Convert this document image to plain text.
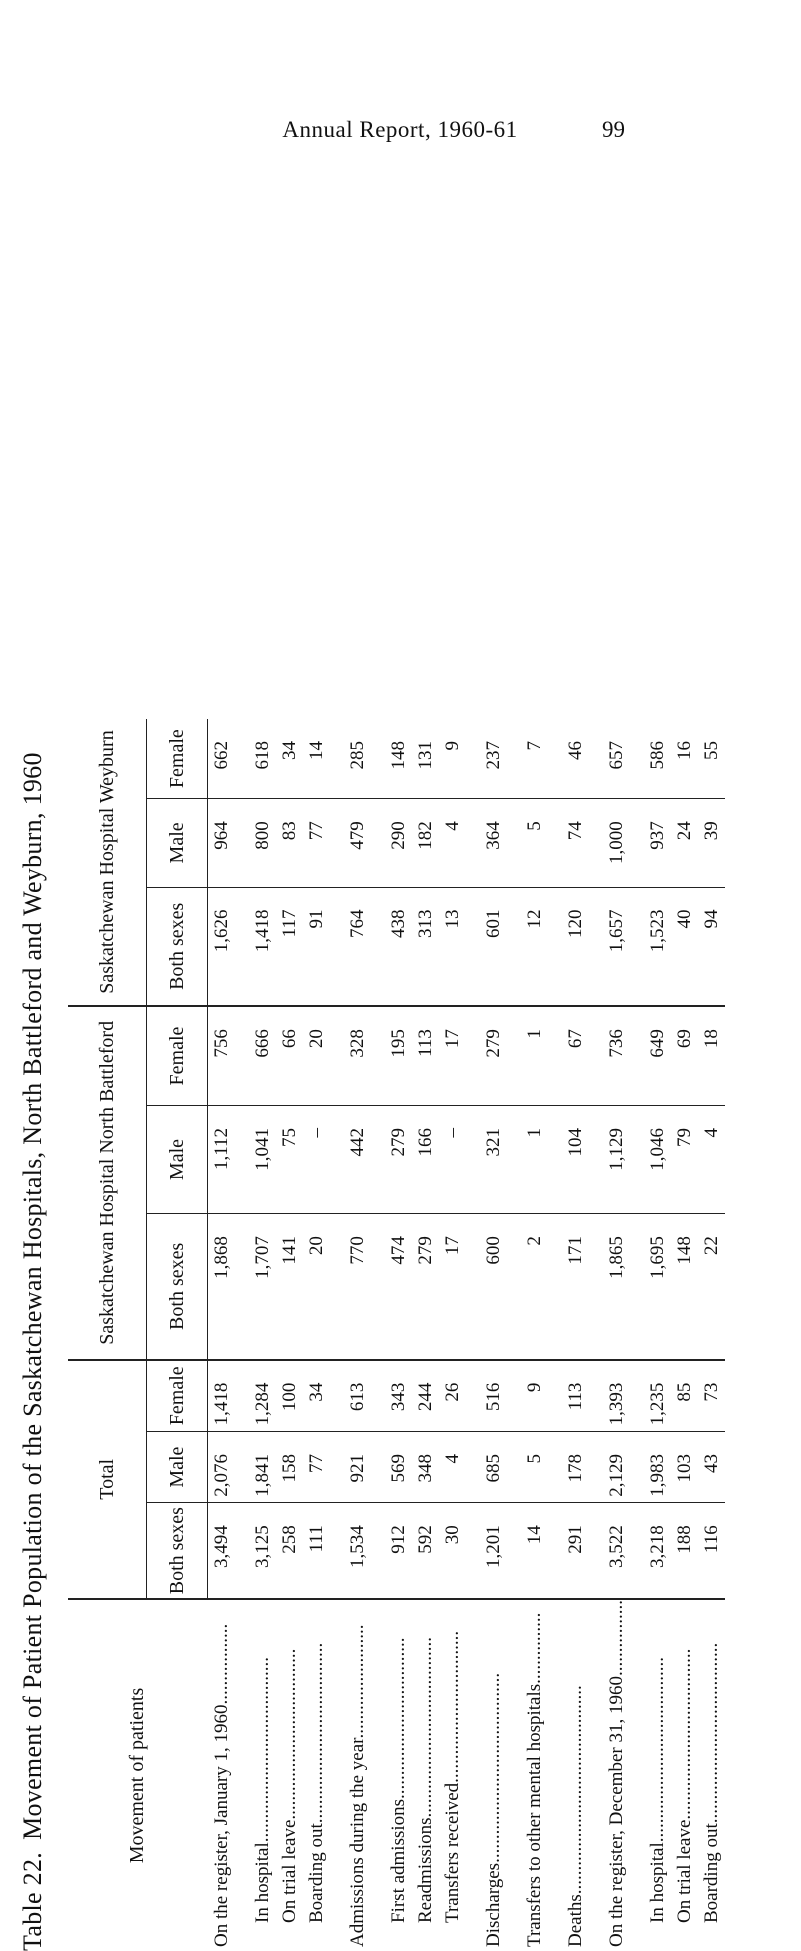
Annual Report, 1960-61	99
Table 22.Movement of Patient Population of the Saskatchewan Hospitals, North Battleford and Weyburn, 1960	Movement of patients	Total			Saskatchewan Hospital North Battleford			Saskatchewan Hospital Weyburn		
	Both sexes	Male	Female	Both sexes	Male	Female	Both sexes	Male	Female
On the register, January 1, 1960.................	3,494	2,076	1,418	1,868	1,112	756	1,626	964	662

In hospital.......................................	3,125	1,841	1,284	1,707	1,041	666	1,418	800	618
On trial leave....................................	258	158	100	141	75	66	117	83	34
Boarding out......................................	111	77	34	20	–	20	91	77	14

Admissions during the year........................	1,534	921	613	770	442	328	764	479	285

First admissions..................................	912	569	343	474	279	195	438	290	148
Readmissions......................................	592	348	244	279	166	113	313	182	131
Transfers received................................	30	4	26	17	–	17	13	4	9

Discharges........................................	1,201	685	516	600	321	279	601	364	237

Transfers to other mental hospitals...............	14	5	9	2	1	1	12	5	7

Deaths............................................	291	178	113	171	104	67	120	74	46

On the register, December 31, 1960................	3,522	2,129	1,393	1,865	1,129	736	1,657	1,000	657

In hospital.......................................	3,218	1,983	1,235	1,695	1,046	649	1,523	937	586
On trial leave....................................	188	103	85	148	79	69	40	24	16
Boarding out......................................	116	43	73	22	4	18	94	39	55
